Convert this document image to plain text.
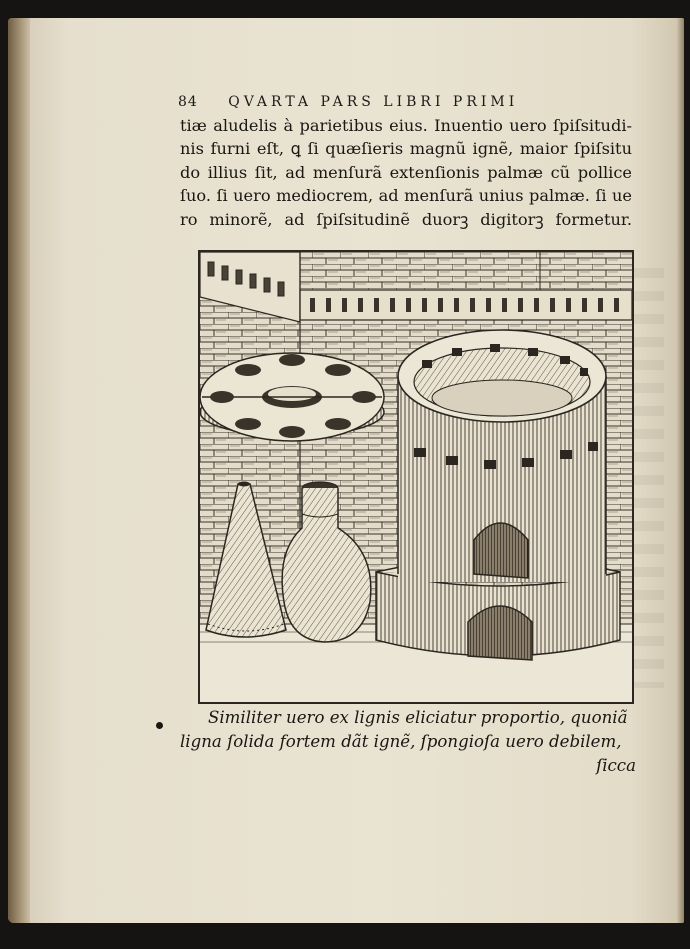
84 QVARTA PARS LIBRI PRIMI
tiæ aludelis à parietibus eius. Inuentio uero ſpiſsitudi-
nis furni eſt, ꝗ ſi quæſieris magnũ ignẽ, maior ſpiſsitu
do illius ſit, ad menſurã extenſionis palmæ cũ pollice
ſuo. ſi uero mediocrem, ad menſurã unius palmæ. ſi ue
ro minorẽ, ad ſpiſsitudinẽ duorꝫ digitorꝫ formetur.
Similiter uero ex lignis eliciatur proportio, quoniã
ligna ſolida fortem dãt ignẽ, ſpongioſa uero debilem,
ſicca
